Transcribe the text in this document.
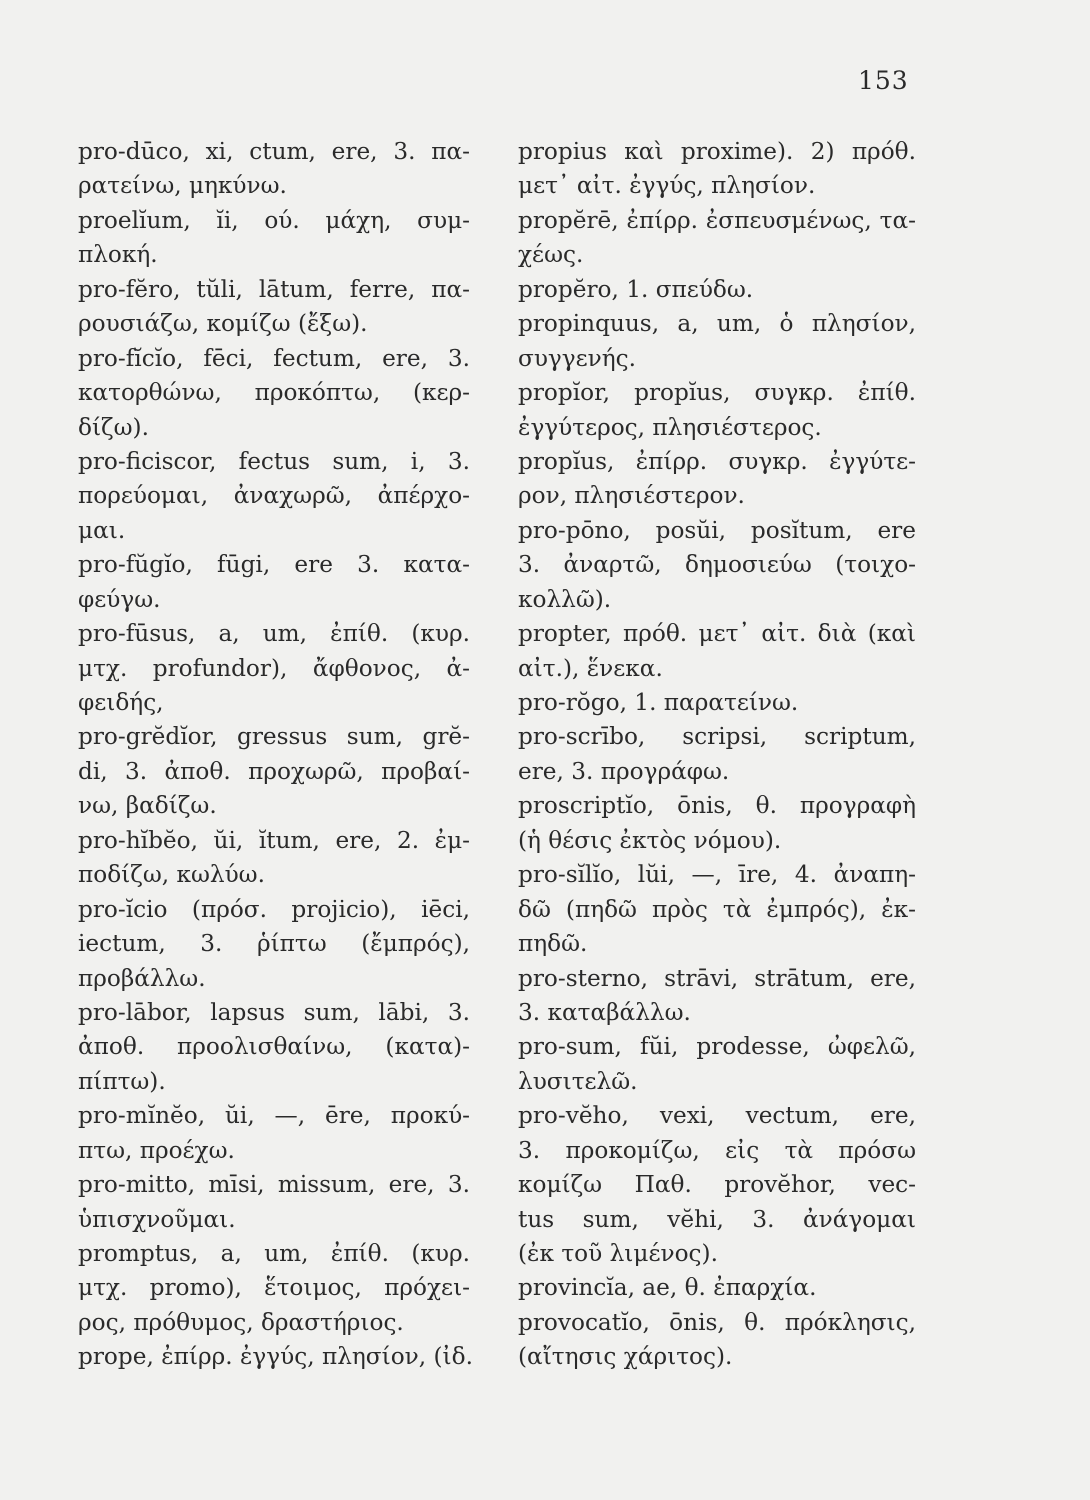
153
pro-dūco, xi, ctum, ere, 3. πα-
ρατείνω, μηκύνω.
proelĭum, ĭi, ού. μάχη, συμ-
πλοκή.
pro-fĕro, tŭli, lātum, ferre, πα-
ρουσιάζω, κομίζω (ἔξω).
pro-fĭcĭo, fēci, fectum, ere, 3.
κατορθώνω, προκόπτω, (κερ-
δίζω).
pro-ficiscor, fectus sum, i, 3.
πορεύομαι, ἀναχωρῶ, ἀπέρχο-
μαι.
pro-fŭgĭo, fūgi, ere 3. κατα-
φεύγω.
pro-fūsus, a, um, ἐπίθ. (κυρ.
μτχ. profundor), ἄφθονος, ἀ-
φειδής,
pro-grĕdĭor, gressus sum, grĕ-
di, 3. ἀποθ. προχωρῶ, προβαί-
νω, βαδίζω.
pro-hĭbĕo, ŭi, ĭtum, ere, 2. ἐμ-
ποδίζω, κωλύω.
pro-ĭcio (πρόσ. projicio), iēci,
iectum, 3. ῥίπτω (ἔμπρός),
προβάλλω.
pro-lābor, lapsus sum, lābi, 3.
ἀποθ. προολισθαίνω, (κατα)-
πίπτω).
pro-mĭnĕo, ŭi, —, ēre, προκύ-
πτω, προέχω.
pro-mitto, mīsi, missum, ere, 3.
ὑπισχνοῦμαι.
promptus, a, um, ἐπίθ. (κυρ.
μτχ. promo), ἕτοιμος, πρόχει-
ρος, πρόθυμος, δραστήριος.
prope, ἐπίρρ. ἐγγύς, πλησίον, (ἰδ.
propius καὶ proxime). 2) πρόθ.
μετ᾽ αἰτ. ἐγγύς, πλησίον.
propĕrē, ἐπίρρ. ἐσπευσμένως, τα-
χέως.
propĕro, 1. σπεύδω.
propinquus, a, um, ὁ πλησίον,
συγγενής.
propĭor, propĭus, συγκρ. ἐπίθ.
ἐγγύτερος, πλησιέστερος.
propĭus, ἐπίρρ. συγκρ. ἐγγύτε-
ρον, πλησιέστερον.
pro-pōno, posŭi, posĭtum, ere
3. ἀναρτῶ, δημοσιεύω (τοιχο-
κολλῶ).
propter, πρόθ. μετ᾽ αἰτ. διὰ (καὶ
αἰτ.), ἕνεκα.
pro-rŏgo, 1. παρατείνω.
pro-scrībo, scripsi, scriptum,
ere, 3. προγράφω.
proscriptĭo, ōnis, θ. προγραφὴ
(ἡ θέσις ἐκτὸς νόμου).
pro-sĭlĭo, lŭi, —, īre, 4. ἀναπη-
δῶ (πηδῶ πρὸς τὰ ἐμπρός), ἐκ-
πηδῶ.
pro-sterno, strāvi, strātum, ere,
3. καταβάλλω.
pro-sum, fŭi, prodesse, ὠφελῶ,
λυσιτελῶ.
pro-vĕho, vexi, vectum, ere,
3. προκομίζω, εἰς τὰ πρόσω
κομίζω Παθ. provĕhor, vec-
tus sum, vĕhi, 3. ἀνάγομαι
(ἐκ τοῦ λιμένος).
provincĭa, ae, θ. ἐπαρχία.
provocatĭo, ōnis, θ. πρόκλησις,
(αἴτησις χάριτος).
